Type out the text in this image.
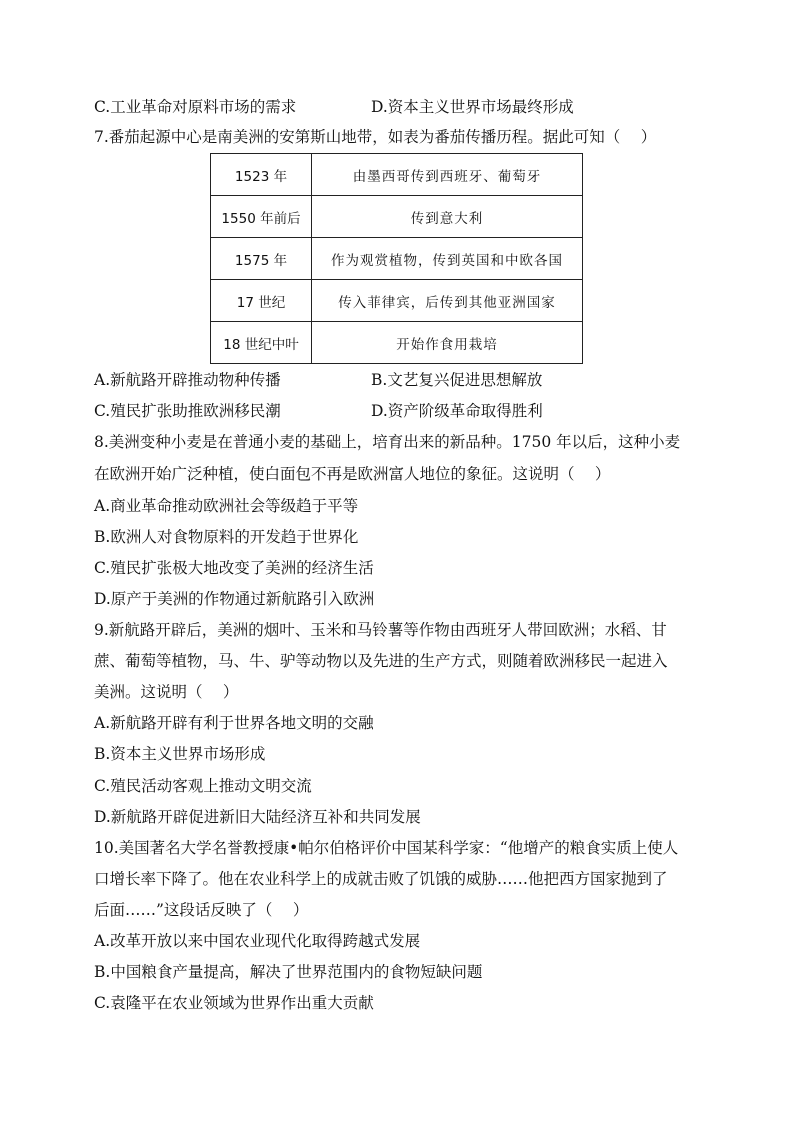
C.工业革命对原料市场的需求	D.资本主义世界市场最终形成
7.番茄起源中心是南美洲的安第斯山地带，如表为番茄传播历程。据此可知（　 ）
1523 年	由墨西哥传到西班牙、葡萄牙
1550 年前后	传到意大利
1575 年	作为观赏植物，传到英国和中欧各国
17 世纪	传入菲律宾，后传到其他亚洲国家
18 世纪中叶	开始作食用栽培
A.新航路开辟推动物种传播	B.文艺复兴促进思想解放
C.殖民扩张助推欧洲移民潮	D.资产阶级革命取得胜利
8.美洲变种小麦是在普通小麦的基础上，培育出来的新品种。1750 年以后，这种小麦
在欧洲开始广泛种植，使白面包不再是欧洲富人地位的象征。这说明（　 ）
A.商业革命推动欧洲社会等级趋于平等
B.欧洲人对食物原料的开发趋于世界化
C.殖民扩张极大地改变了美洲的经济生活
D.原产于美洲的作物通过新航路引入欧洲
9.新航路开辟后，美洲的烟叶、玉米和马铃薯等作物由西班牙人带回欧洲；水稻、甘
蔗、葡萄等植物，马、牛、驴等动物以及先进的生产方式，则随着欧洲移民一起进入
美洲。这说明（　 ）
A.新航路开辟有利于世界各地文明的交融
B.资本主义世界市场形成
C.殖民活动客观上推动文明交流
D.新航路开辟促进新旧大陆经济互补和共同发展
10.美国著名大学名誉教授康•帕尔伯格评价中国某科学家：“他增产的粮食实质上使人
口增长率下降了。他在农业科学上的成就击败了饥饿的威胁……他把西方国家抛到了
后面……”这段话反映了（　 ）
A.改革开放以来中国农业现代化取得跨越式发展
B.中国粮食产量提高，解决了世界范围内的食物短缺问题
C.袁隆平在农业领域为世界作出重大贡献
